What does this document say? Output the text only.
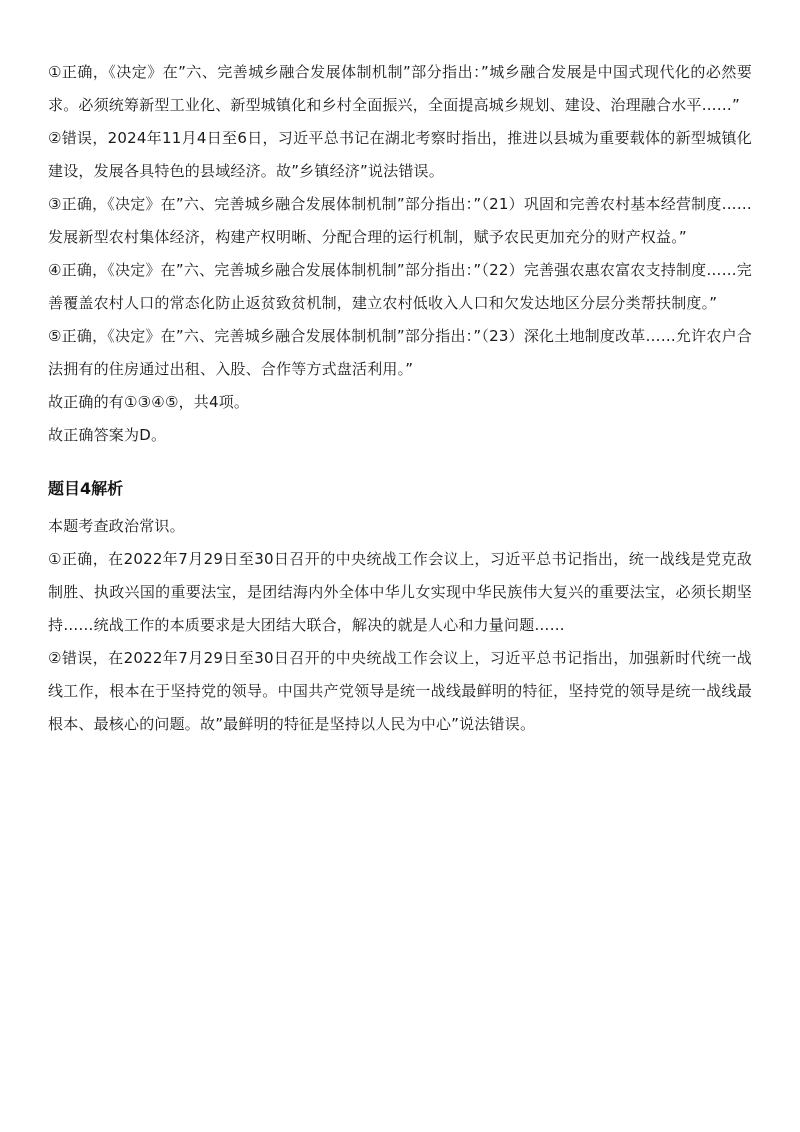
①正确，《决定》在”六、完善城乡融合发展体制机制”部分指出：”城乡融合发展是中国式现代化的必然要求。必须统筹新型工业化、新型城镇化和乡村全面振兴，全面提高城乡规划、建设、治理融合水平……”

②错误，2024年11月4日至6日，习近平总书记在湖北考察时指出，推进以县城为重要载体的新型城镇化建设，发展各具特色的县域经济。故”乡镇经济”说法错误。

③正确，《决定》在”六、完善城乡融合发展体制机制”部分指出：”（21）巩固和完善农村基本经营制度……发展新型农村集体经济，构建产权明晰、分配合理的运行机制，赋予农民更加充分的财产权益。”

④正确，《决定》在”六、完善城乡融合发展体制机制”部分指出：”（22）完善强农惠农富农支持制度……完善覆盖农村人口的常态化防止返贫致贫机制，建立农村低收入人口和欠发达地区分层分类帮扶制度。”

⑤正确，《决定》在”六、完善城乡融合发展体制机制”部分指出：”（23）深化土地制度改革……允许农户合法拥有的住房通过出租、入股、合作等方式盘活利用。”

故正确的有①③④⑤，共4项。

故正确答案为D。

题目4解析

本题考查政治常识。

①正确，在2022年7月29日至30日召开的中央统战工作会议上，习近平总书记指出，统一战线是党克敌制胜、执政兴国的重要法宝，是团结海内外全体中华儿女实现中华民族伟大复兴的重要法宝，必须长期坚持……统战工作的本质要求是大团结大联合，解决的就是人心和力量问题……

②错误，在2022年7月29日至30日召开的中央统战工作会议上，习近平总书记指出，加强新时代统一战线工作，根本在于坚持党的领导。中国共产党领导是统一战线最鲜明的特征，坚持党的领导是统一战线最根本、最核心的问题。故”最鲜明的特征是坚持以人民为中心”说法错误。
